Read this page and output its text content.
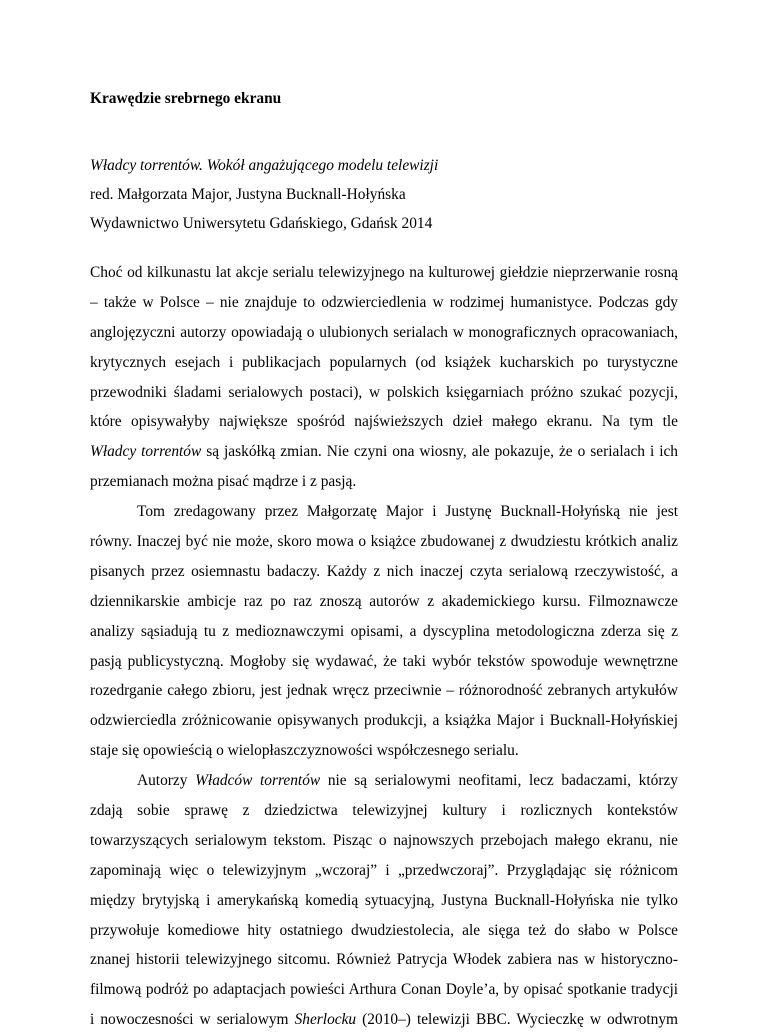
Krawędzie srebrnego ekranu
Władcy torrentów. Wokół angażującego modelu telewizji
red. Małgorzata Major, Justyna Bucknall-Hołyńska
Wydawnictwo Uniwersytetu Gdańskiego, Gdańsk 2014
Choć od kilkunastu lat akcje serialu telewizyjnego na kulturowej giełdzie nieprzerwanie rosną
– także w Polsce – nie znajduje to odzwierciedlenia w rodzimej humanistyce. Podczas gdy
anglojęzyczni autorzy opowiadają o ulubionych serialach w monograficznych opracowaniach,
krytycznych esejach i publikacjach popularnych (od książek kucharskich po turystyczne
przewodniki śladami serialowych postaci), w polskich księgarniach próżno szukać pozycji,
które opisywałyby największe spośród najświeższych dzieł małego ekranu. Na tym tle
Władcy torrentów są jaskółką zmian. Nie czyni ona wiosny, ale pokazuje, że o serialach i ich
przemianach można pisać mądrze i z pasją.
Tom zredagowany przez Małgorzatę Major i Justynę Bucknall-Hołyńską nie jest
równy. Inaczej być nie może, skoro mowa o książce zbudowanej z dwudziestu krótkich analiz
pisanych przez osiemnastu badaczy. Każdy z nich inaczej czyta serialową rzeczywistość, a
dziennikarskie ambicje raz po raz znoszą autorów z akademickiego kursu. Filmoznawcze
analizy sąsiadują tu z medioznawczymi opisami, a dyscyplina metodologiczna zderza się z
pasją publicystyczną. Mogłoby się wydawać, że taki wybór tekstów spowoduje wewnętrzne
rozedrganie całego zbioru, jest jednak wręcz przeciwnie – różnorodność zebranych artykułów
odzwierciedla zróżnicowanie opisywanych produkcji, a książka Major i Bucknall-Hołyńskiej
staje się opowieścią o wielopłaszczyznowości współczesnego serialu.
Autorzy Władców torrentów nie są serialowymi neofitami, lecz badaczami, którzy
zdają sobie sprawę z dziedzictwa telewizyjnej kultury i rozlicznych kontekstów
towarzyszących serialowym tekstom. Pisząc o najnowszych przebojach małego ekranu, nie
zapominają więc o telewizyjnym „wczoraj” i „przedwczoraj”. Przyglądając się różnicom
między brytyjską i amerykańską komedią sytuacyjną, Justyna Bucknall-Hołyńska nie tylko
przywołuje komediowe hity ostatniego dwudziestolecia, ale sięga też do słabo w Polsce
znanej historii telewizyjnego sitcomu. Również Patrycja Włodek zabiera nas w historyczno-
filmową podróż po adaptacjach powieści Arthura Conan Doyle’a, by opisać spotkanie tradycji
i nowoczesności w serialowym Sherlocku (2010–) telewizji BBC. Wycieczkę w odwrotnym
